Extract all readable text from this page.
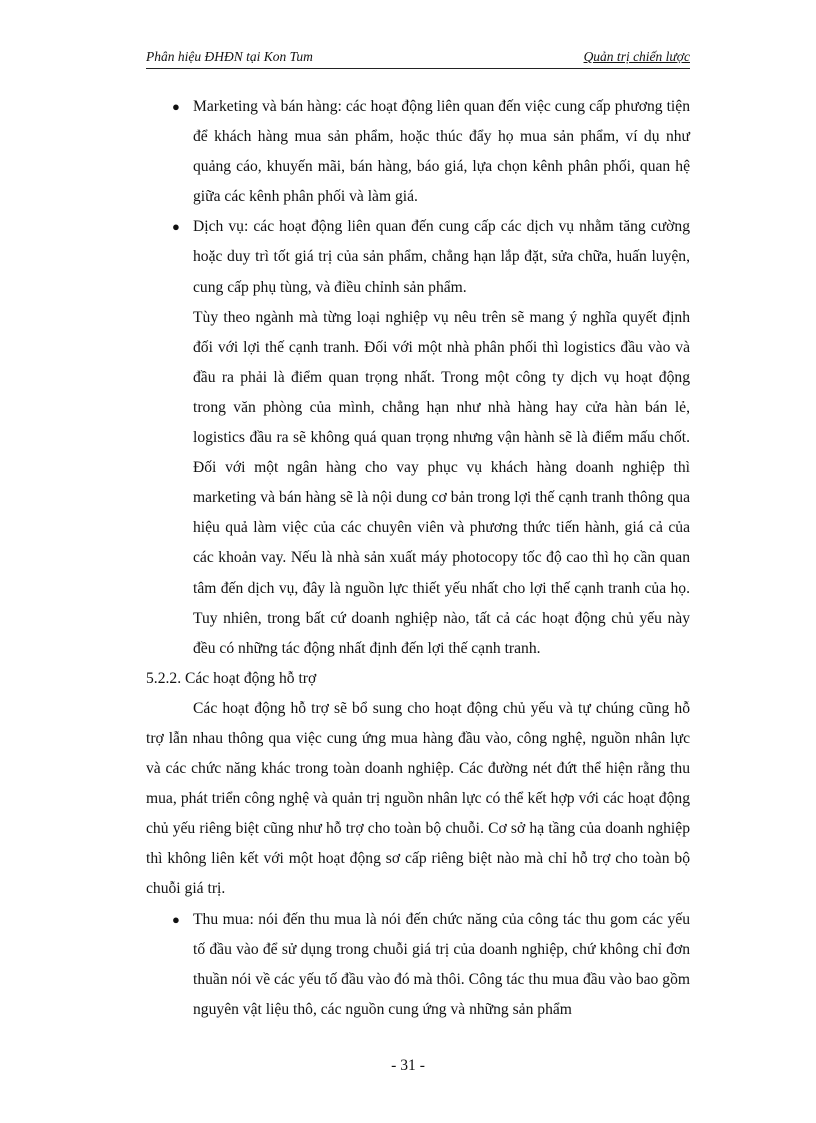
Phân hiệu ĐHĐN tại Kon Tum	Quản trị chiến lược
● Marketing và bán hàng: các hoạt động liên quan đến việc cung cấp phương tiện để khách hàng mua sản phẩm, hoặc thúc đẩy họ mua sản phẩm, ví dụ như quảng cáo, khuyến mãi, bán hàng, báo giá, lựa chọn kênh phân phối, quan hệ giữa các kênh phân phối và làm giá.
● Dịch vụ: các hoạt động liên quan đến cung cấp các dịch vụ nhằm tăng cường hoặc duy trì tốt giá trị của sản phẩm, chẳng hạn lắp đặt, sửa chữa, huấn luyện, cung cấp phụ tùng, và điều chỉnh sản phẩm.

Tùy theo ngành mà từng loại nghiệp vụ nêu trên sẽ mang ý nghĩa quyết định đối với lợi thế cạnh tranh. Đối với một nhà phân phối thì logistics đầu vào và đầu ra phải là điểm quan trọng nhất. Trong một công ty dịch vụ hoạt động trong văn phòng của mình, chẳng hạn như nhà hàng hay cửa hàn bán lẻ, logistics đầu ra sẽ không quá quan trọng nhưng vận hành sẽ là điểm mấu chốt. Đối với một ngân hàng cho vay phục vụ khách hàng doanh nghiệp thì marketing và bán hàng sẽ là nội dung cơ bản trong lợi thế cạnh tranh thông qua hiệu quả làm việc của các chuyên viên và phương thức tiến hành, giá cả của các khoản vay. Nếu là nhà sản xuất máy photocopy tốc độ cao thì họ cần quan tâm đến dịch vụ, đây là nguồn lực thiết yếu nhất cho lợi thế cạnh tranh của họ. Tuy nhiên, trong bất cứ doanh nghiệp nào, tất cả các hoạt động chủ yếu này đều có những tác động nhất định đến lợi thế cạnh tranh.

5.2.2. Các hoạt động hỗ trợ

Các hoạt động hỗ trợ sẽ bổ sung cho hoạt động chủ yếu và tự chúng cũng hỗ trợ lẫn nhau thông qua việc cung ứng mua hàng đầu vào, công nghệ, nguồn nhân lực và các chức năng khác trong toàn doanh nghiệp. Các đường nét đứt thể hiện rằng thu mua, phát triển công nghệ và quản trị nguồn nhân lực có thể kết hợp với các hoạt động chủ yếu riêng biệt cũng như hỗ trợ cho toàn bộ chuỗi. Cơ sở hạ tầng của doanh nghiệp thì không liên kết với một hoạt động sơ cấp riêng biệt nào mà chỉ hỗ trợ cho toàn bộ chuỗi giá trị.

● Thu mua: nói đến thu mua là nói đến chức năng của công tác thu gom các yếu tố đầu vào để sử dụng trong chuỗi giá trị của doanh nghiệp, chứ không chỉ đơn thuần nói về các yếu tố đầu vào đó mà thôi. Công tác thu mua đầu vào bao gồm nguyên vật liệu thô, các nguồn cung ứng và những sản phẩm
- 31 -
